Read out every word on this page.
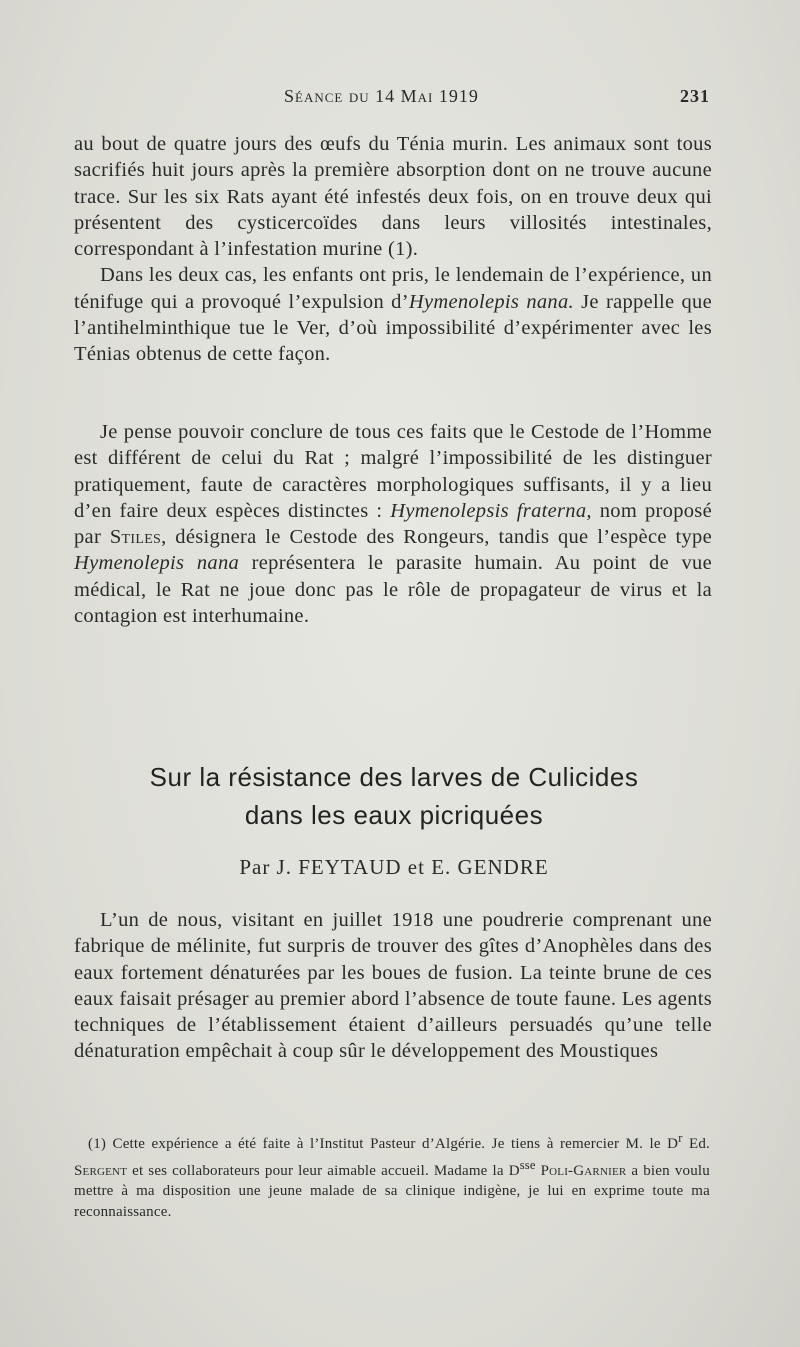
Séance du 14 Mai 1919	231

au bout de quatre jours des œufs du Ténia murin. Les animaux sont tous sacrifiés huit jours après la première absorption dont on ne trouve aucune trace. Sur les six Rats ayant été infestés deux fois, on en trouve deux qui présentent des cysticercoïdes dans leurs villosités intestinales, correspondant à l’infestation murine (1).

Dans les deux cas, les enfants ont pris, le lendemain de l’expérience, un ténifuge qui a provoqué l’expulsion d’Hymenolepis nana. Je rappelle que l’antihelminthique tue le Ver, d’où impossibilité d’expérimenter avec les Ténias obtenus de cette façon.

Je pense pouvoir conclure de tous ces faits que le Cestode de l’Homme est différent de celui du Rat ; malgré l’impossibilité de les distinguer pratiquement, faute de caractères morphologiques suffisants, il y a lieu d’en faire deux espèces distinctes : Hymenolepsis fraterna, nom proposé par Stiles, désignera le Cestode des Rongeurs, tandis que l’espèce type Hymenolepis nana représentera le parasite humain. Au point de vue médical, le Rat ne joue donc pas le rôle de propagateur de virus et la contagion est interhumaine.

Sur la résistance des larves de Culicides
dans les eaux picriquées
Par J. FEYTAUD et E. GENDRE

L’un de nous, visitant en juillet 1918 une poudrerie comprenant une fabrique de mélinite, fut surpris de trouver des gîtes d’Anophèles dans des eaux fortement dénaturées par les boues de fusion. La teinte brune de ces eaux faisait présager au premier abord l’absence de toute faune. Les agents techniques de l’établissement étaient d’ailleurs persuadés qu’une telle dénaturation empêchait à coup sûr le développement des Moustiques

(1) Cette expérience a été faite à l’Institut Pasteur d’Algérie. Je tiens à remercier M. le $D^r$ Ed. Sergent et ses collaborateurs pour leur aimable accueil. Madame la $D^{sse}$ Poli-Garnier a bien voulu mettre à ma disposition une jeune malade de sa clinique indigène, je lui en exprime toute ma reconnaissance.
